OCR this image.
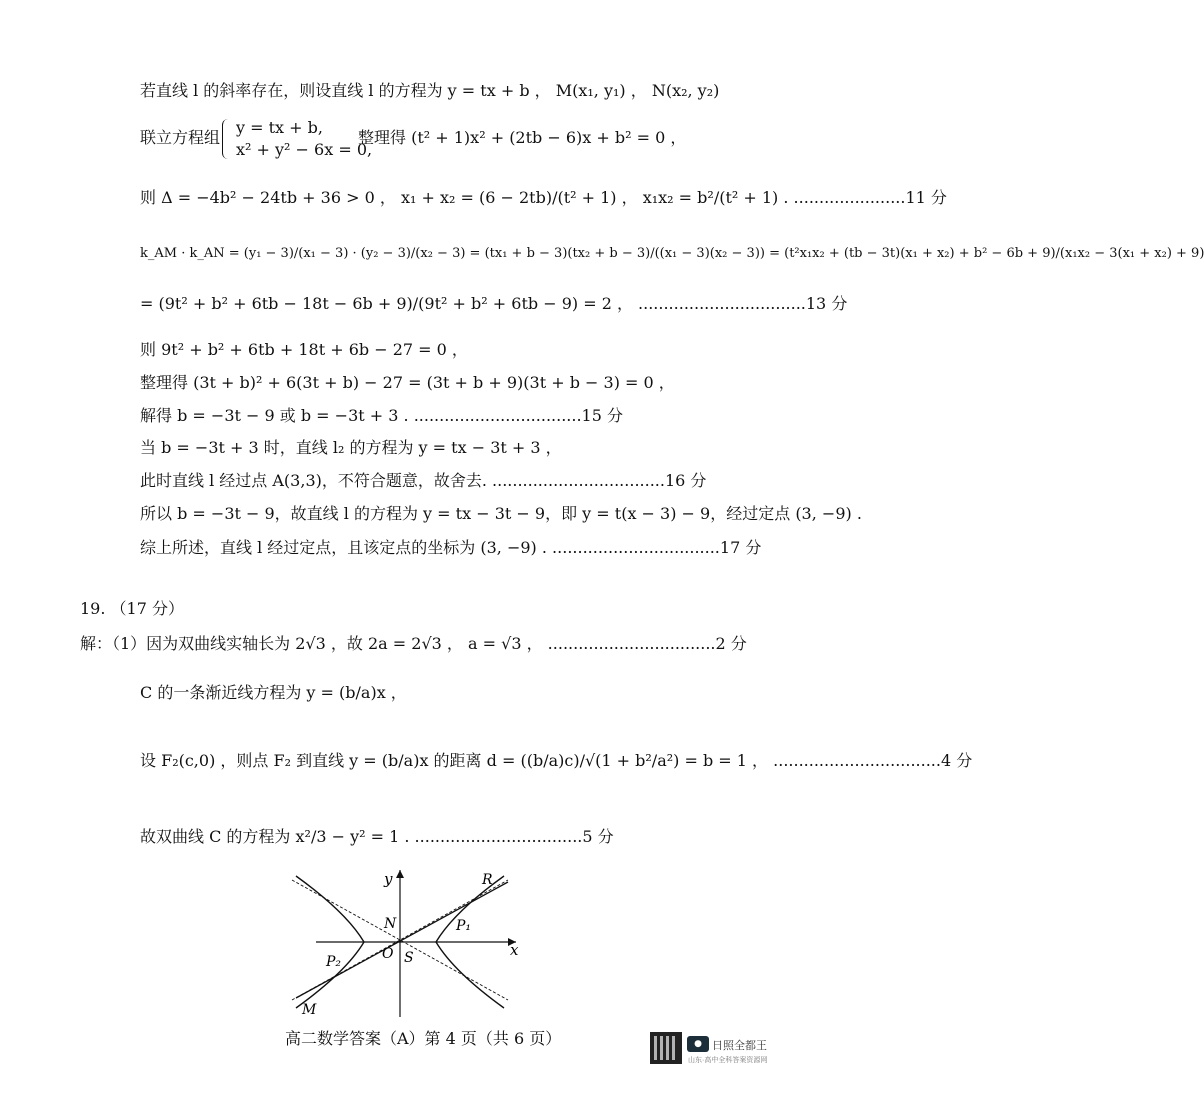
若直线 l 的斜率存在，则设直线 l 的方程为 y = tx + b ， M(x₁, y₁) ， N(x₂, y₂)
联立方程组
y = tx + b,
x² + y² − 6x = 0,
整理得 (t² + 1)x² + (2tb − 6)x + b² = 0 ，
则 Δ = −4b² − 24tb + 36 > 0 ， x₁ + x₂ = (6 − 2tb)/(t² + 1) ， x₁x₂ = b²/(t² + 1) . ......................11 分
k_AM · k_AN = (y₁ − 3)/(x₁ − 3) · (y₂ − 3)/(x₂ − 3) = (tx₁ + b − 3)(tx₂ + b − 3)/((x₁ − 3)(x₂ − 3)) = (t²x₁x₂ + (tb − 3t)(x₁ + x₂) + b² − 6b + 9)/(x₁x₂ − 3(x₁ + x₂) + 9)
= (9t² + b² + 6tb − 18t − 6b + 9)/(9t² + b² + 6tb − 9) = 2 ， .................................13 分
则 9t² + b² + 6tb + 18t + 6b − 27 = 0 ，
整理得 (3t + b)² + 6(3t + b) − 27 = (3t + b + 9)(3t + b − 3) = 0 ，
解得 b = −3t − 9 或 b = −3t + 3 . .................................15 分
当 b = −3t + 3 时，直线 l₂ 的方程为 y = tx − 3t + 3 ，
此时直线 l 经过点 A(3,3)，不符合题意，故舍去. ..................................16 分
所以 b = −3t − 9，故直线 l 的方程为 y = tx − 3t − 9，即 y = t(x − 3) − 9，经过定点 (3, −9) .
综上所述，直线 l 经过定点，且该定点的坐标为 (3, −9) . .................................17 分
19. （17 分）
解：（1）因为双曲线实轴长为 2√3 ，故 2a = 2√3 ， a = √3 ， .................................2 分
C 的一条渐近线方程为 y = (b/a)x ，
设 F₂(c,0) ，则点 F₂ 到直线 y = (b/a)x 的距离 d = ((b/a)c)/√(1 + b²/a²) = b = 1 ， .................................4 分
故双曲线 C 的方程为 x²/3 − y² = 1 . .................................5 分
y
x
R
N	P₁
O S
P₂
M
高二数学答案（A）第 4 页（共 6 页）	● 日照全都王
山东·高中全科答案资源网
